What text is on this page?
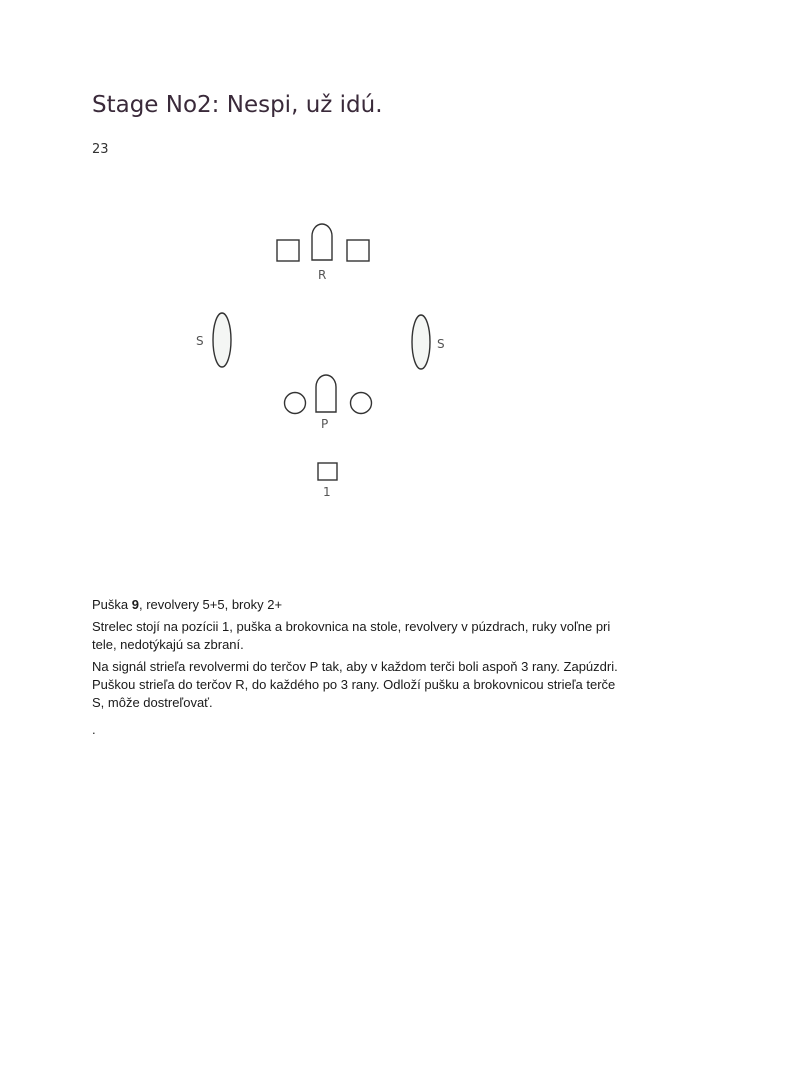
Stage No2: Nespi, už idú.
23
R
S	S
P
1

Puška 9, revolvery 5+5, broky 2+

Strelec stojí na pozícii 1, puška a brokovnica na stole, revolvery v púzdrach, ruky voľne pri
tele, nedotýkajú sa zbraní.

Na signál strieľa revolvermi do terčov P tak, aby v každom terči boli aspoň 3 rany. Zapúzdri.
Puškou strieľa do terčov R, do každého po 3 rany. Odloží pušku a brokovnicou strieľa terče
S, môže dostreľovať.

.
